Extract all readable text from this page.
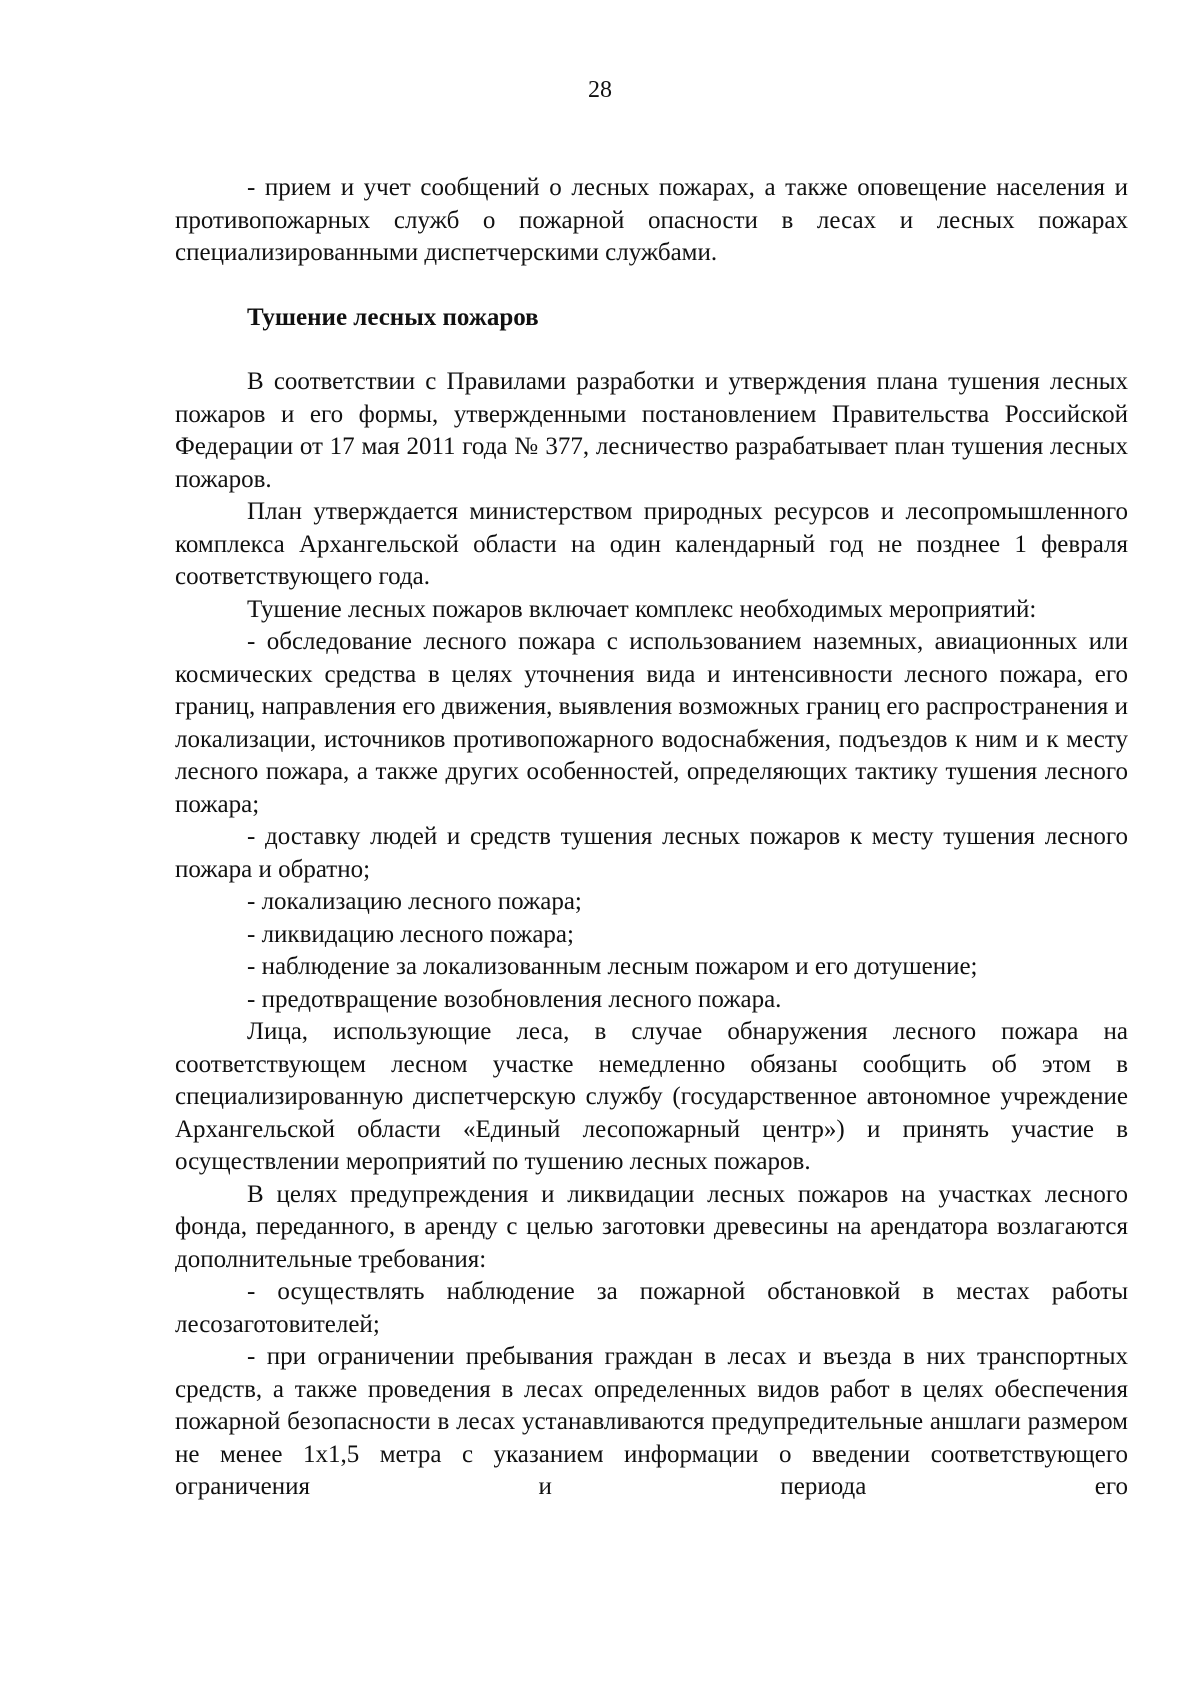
28

- прием и учет сообщений о лесных пожарах, а также оповещение населения и противопожарных служб о пожарной опасности в лесах и лесных пожарах специализированными диспетчерскими службами.

Тушение лесных пожаров

В соответствии с Правилами разработки и утверждения плана тушения лесных пожаров и его формы, утвержденными постановлением Правительства Российской Федерации от 17 мая 2011 года № 377, лесничество разрабатывает план тушения лесных пожаров.

План утверждается министерством природных ресурсов и лесопромышленного комплекса Архангельской области на один календарный год не позднее 1 февраля соответствующего года.

Тушение лесных пожаров включает комплекс необходимых мероприятий:

- обследование лесного пожара с использованием наземных, авиационных или космических средства в целях уточнения вида и интенсивности лесного пожара, его границ, направления его движения, выявления возможных границ его распространения и локализации, источников противопожарного водоснабжения, подъездов к ним и к месту лесного пожара, а также других особенностей, определяющих тактику тушения лесного пожара;

- доставку людей и средств тушения лесных пожаров к месту тушения лесного пожара и обратно;

- локализацию лесного пожара;

- ликвидацию лесного пожара;

- наблюдение за локализованным лесным пожаром и его дотушение;

- предотвращение возобновления лесного пожара.

Лица, использующие леса, в случае обнаружения лесного пожара на соответствующем лесном участке немедленно обязаны сообщить об этом в специализированную диспетчерскую службу (государственное автономное учреждение Архангельской области «Единый лесопожарный центр») и принять участие в осуществлении мероприятий по тушению лесных пожаров.

В целях предупреждения и ликвидации лесных пожаров на участках лесного фонда, переданного, в аренду с целью заготовки древесины на арендатора возлагаются дополнительные требования:

- осуществлять наблюдение за пожарной обстановкой в местах работы лесозаготовителей;

- при ограничении пребывания граждан в лесах и въезда в них транспортных средств, а также проведения в лесах определенных видов работ в целях обеспечения пожарной безопасности в лесах устанавливаются предупредительные аншлаги размером не менее 1х1,5 метра с указанием информации о введении соответствующего ограничения и периода его
